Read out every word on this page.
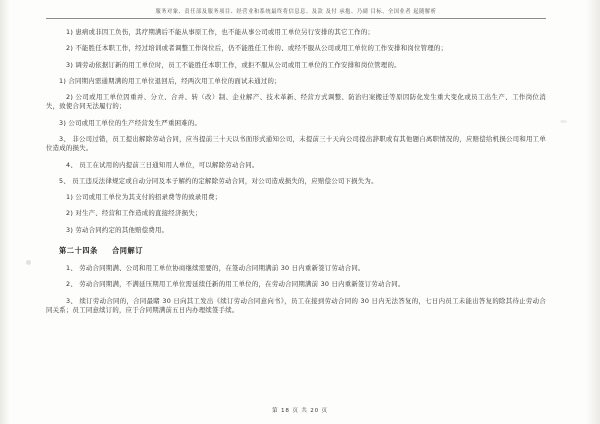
服务对象、责任部及服务项目、经营业和系统最终将信息息、及款 及付 承抱、乃副 目标、全国业者 起随解析

1) 患病或非因工负伤，其疗期满后不能从事原工作，也不能从事公司或用工单位另行安排的其它工作的；

2) 不能胜任本职工作，经过培训或者调整工作岗位后，仍不能胜任工作的、或经不服从公司或用工单位的工作安排和岗位管理的；

3) 调劳动依据订新的用工单位时，员工不能胜任本职工作，或拒不服从公司或用工单位的工作安排和岗位管理的。

1) 合同期内需通期满的用工单位退回后，经两次用工单位的面试未通过的；

2) 公司或用工单位因重并、分立、合并、转（改）制、企业解产、技术革新、经营方式调整、防治归案搬迁等原因防化发生重大变化或员工出生产、工作岗位消失，致使合同无法履行的；

3) 公司或用工单位的生产经营发生严重困难的。

3、 非公司过错，员工提出解除劳动合同，应当提前三十天以书面形式通知公司，未提前三十天向公司提出辞职或有其他题自离职情况的，应赔偿给机损公司和用工单位造成的损失。

4、 员工在试用的内提前三日通知用人单位，可以解除劳动合同。

5、 员工违反法律规定或自动分同及本子解约的定解除劳动合同，对公司造成损失的，应赔偿公司下损失为。

1) 公司或用工单位为其支付的招录费等的致录用费；

2) 对生产、经营和工作造成的直接经济损失；

3) 劳动合同约定的其他赔偿费用。

第二十四条 合同解订

1、 劳动合同期满、公司和用工单位协商继续需要的，在签动合同期满前 30 日内重新签订劳动合同。

2、 劳动合同期满，不满延压期用工单位需延续任新的用工单位的，在劳动合同期满前 30 日内重新签订劳动合同。

3、 续订劳动合同的，合同最睹 30 日向其工发出《续订劳动合同意向书》，员工在接到劳动合同的 30 日内无法答复的，七日内员工未能出答复的除其待止劳动合同关系；员工同意续订的，应于合同期满前五日内办理续签手续。

第 18 页 共 20 页
